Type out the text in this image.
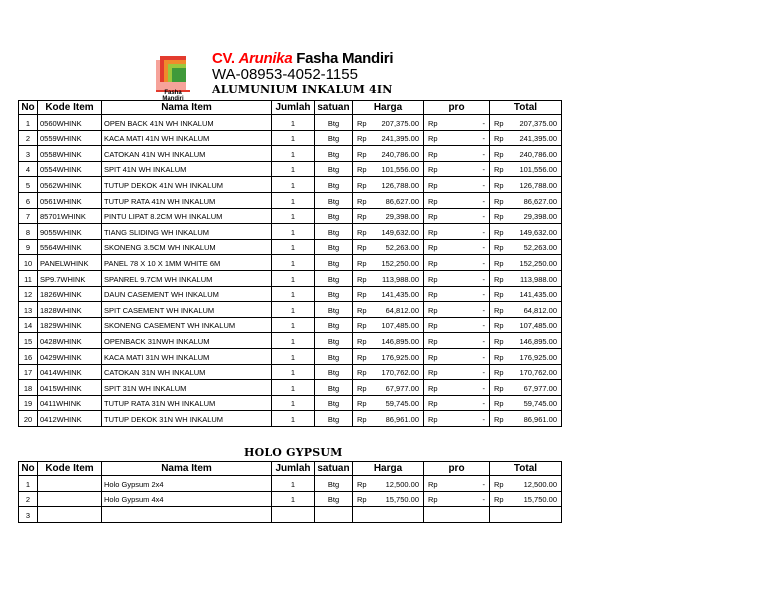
Fasha Mandiri
CV. Arunika Fasha Mandiri
WA-08953-4052-1155
ALUMUNIUM INKALUM 4IN
No	Kode Item	Nama Item	Jumlah	satuan	Harga	pro	Total
1	0560WHINK	OPEN BACK 41N WH INKALUM	1	Btg	Rp 207,375.00	Rp -	Rp 207,375.00

2	0559WHINK	KACA MATI 41N WH INKALUM	1	Btg	Rp 241,395.00	Rp -	Rp 241,395.00

3	0558WHINK	CATOKAN 41N WH INKALUM	1	Btg	Rp 240,786.00	Rp -	Rp 240,786.00

4	0554WHINK	SPIT 41N WH INKALUM	1	Btg	Rp 101,556.00	Rp -	Rp 101,556.00

5	0562WHINK	TUTUP DEKOK 41N WH INKALUM	1	Btg	Rp 126,788.00	Rp -	Rp 126,788.00

6	0561WHINK	TUTUP RATA 41N WH INKALUM	1	Btg	Rp 86,627.00	Rp -	Rp 86,627.00

7	85701WHINK	PINTU LIPAT 8.2CM WH INKALUM	1	Btg	Rp 29,398.00	Rp -	Rp 29,398.00

8	9055WHINK	TIANG SLIDING WH INKALUM	1	Btg	Rp 149,632.00	Rp -	Rp 149,632.00

9	5564WHINK	SKONENG 3.5CM WH INKALUM	1	Btg	Rp 52,263.00	Rp -	Rp 52,263.00

10	PANELWHINK	PANEL 78 X 10 X 1MM WHITE 6M	1	Btg	Rp 152,250.00	Rp -	Rp 152,250.00

11	SP9.7WHINK	SPANREL 9.7CM WH INKALUM	1	Btg	Rp 113,988.00	Rp -	Rp 113,988.00

12	1826WHINK	DAUN CASEMENT WH INKALUM	1	Btg	Rp 141,435.00	Rp -	Rp 141,435.00

13	1828WHINK	SPIT CASEMENT WH INKALUM	1	Btg	Rp 64,812.00	Rp -	Rp 64,812.00

14	1829WHINK	SKONENG CASEMENT WH INKALUM	1	Btg	Rp 107,485.00	Rp -	Rp 107,485.00

15	0428WHINK	OPENBACK 31NWH INKALUM	1	Btg	Rp 146,895.00	Rp -	Rp 146,895.00

16	0429WHINK	KACA MATI 31N WH INKALUM	1	Btg	Rp 176,925.00	Rp -	Rp 176,925.00

17	0414WHINK	CATOKAN 31N WH INKALUM	1	Btg	Rp 170,762.00	Rp -	Rp 170,762.00

18	0415WHINK	SPIT 31N WH INKALUM	1	Btg	Rp 67,977.00	Rp -	Rp 67,977.00

19	0411WHINK	TUTUP RATA 31N WH INKALUM	1	Btg	Rp 59,745.00	Rp -	Rp 59,745.00

20	0412WHINK	TUTUP DEKOK 31N WH INKALUM	1	Btg	Rp 86,961.00	Rp -	Rp 86,961.00
HOLO GYPSUM
No	Kode Item	Nama Item	Jumlah	satuan	Harga	pro	Total
1		Holo Gypsum 2x4	1	Btg	Rp 12,500.00	Rp -	Rp 12,500.00

2		Holo Gypsum 4x4	1	Btg	Rp 15,750.00	Rp -	Rp 15,750.00

3							
